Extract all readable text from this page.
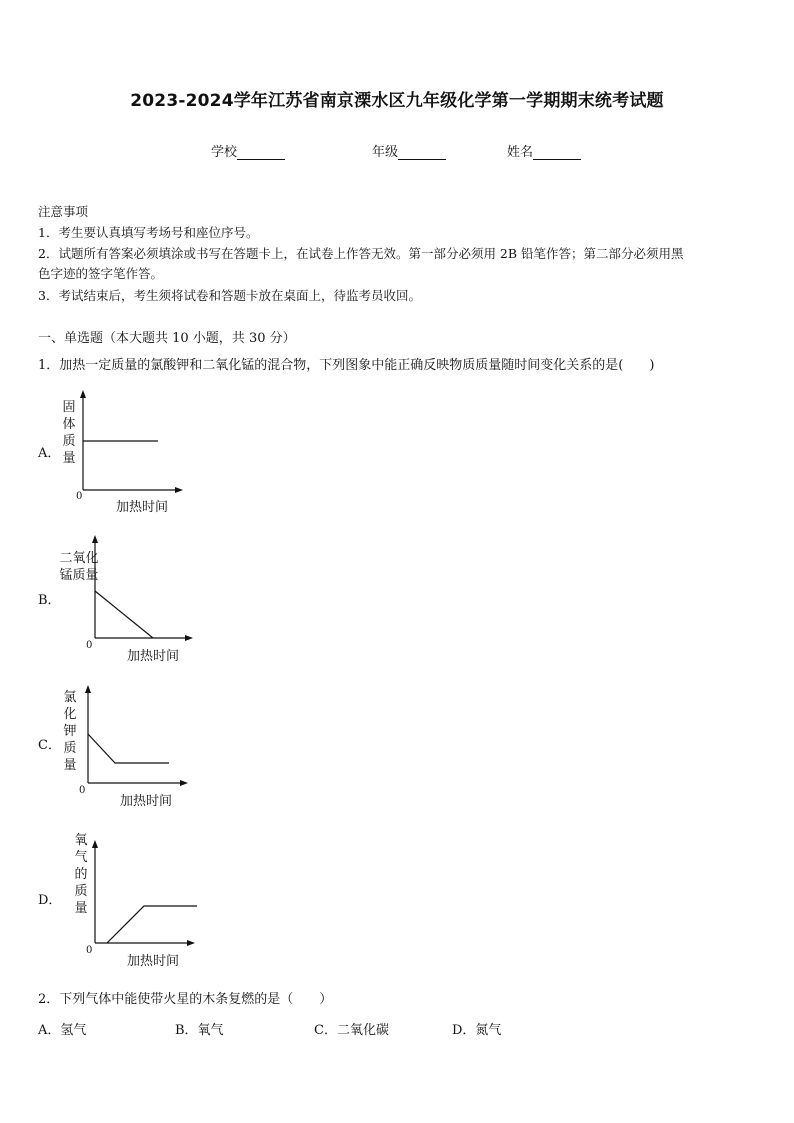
2023-2024学年江苏省南京溧水区九年级化学第一学期期末统考试题
学校	年级	姓名
注意事项
1．考生要认真填写考场号和座位序号。
2．试题所有答案必须填涂或书写在答题卡上，在试卷上作答无效。第一部分必须用 2B 铅笔作答；第二部分必须用黑
色字迹的签字笔作答。
3．考试结束后，考生须将试卷和答题卡放在桌面上，待监考员收回。
一、单选题（本大题共 10 小题，共 30 分）
1．加热一定质量的氯酸钾和二氧化锰的混合物，下列图象中能正确反映物质质量随时间变化关系的是(　　)
A．
固体质量
0
加热时间
B．
二氧化锰质量
0
加热时间
C．
氯化钾质量
0
加热时间
D．
氧气的质量
0
加热时间
2．下列气体中能使带火星的木条复燃的是（　　）
A．氢气	B．氧气	C．二氧化碳	D．氮气
